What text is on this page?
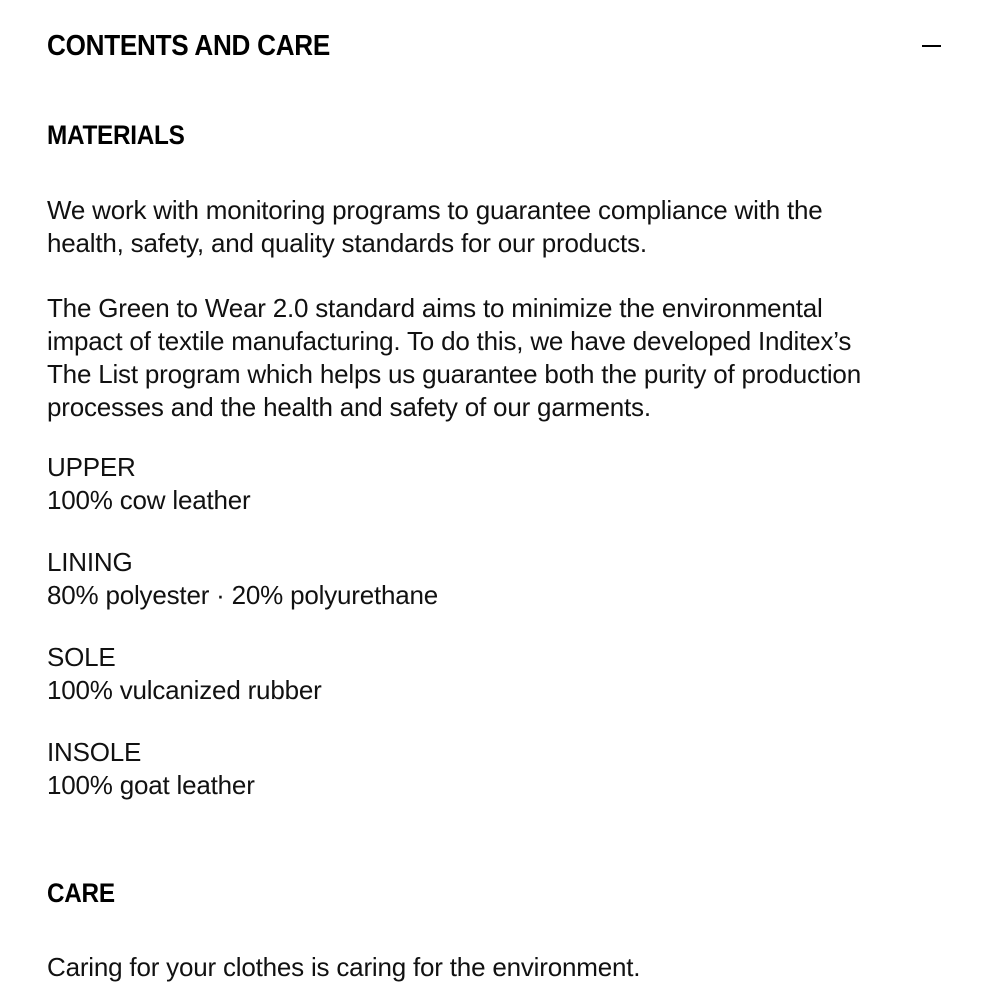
CONTENTS AND CARE
MATERIALS
We work with monitoring programs to guarantee compliance with the
health, safety, and quality standards for our products.
The Green to Wear 2.0 standard aims to minimize the environmental
impact of textile manufacturing. To do this, we have developed Inditex’s
The List program which helps us guarantee both the purity of production
processes and the health and safety of our garments.
UPPER
100% cow leather
LINING
80% polyester · 20% polyurethane
SOLE
100% vulcanized rubber
INSOLE
100% goat leather
CARE
Caring for your clothes is caring for the environment.
